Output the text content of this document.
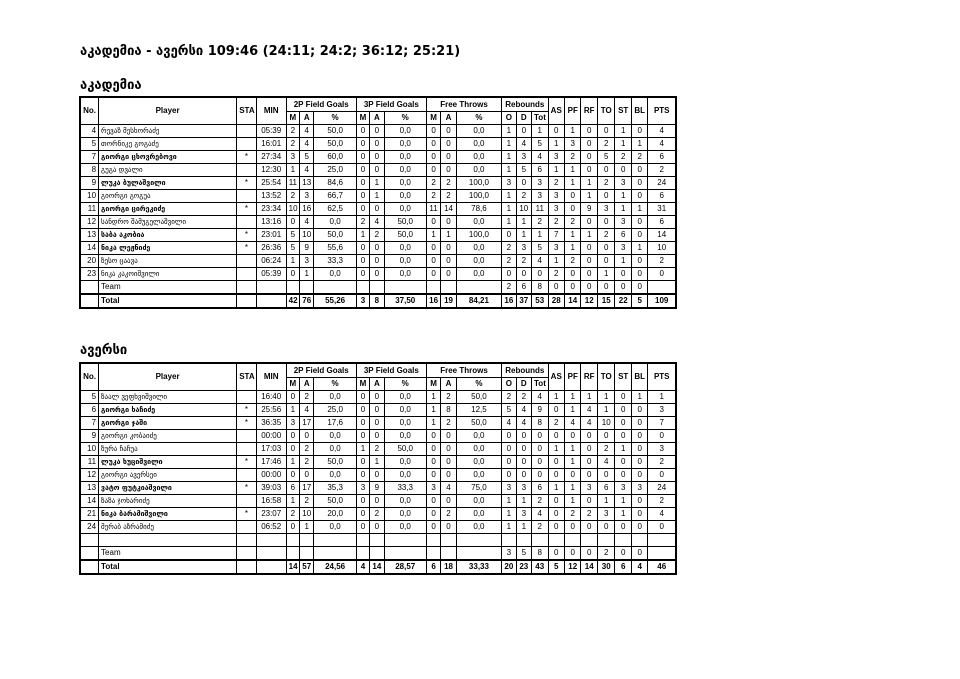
აკადემია - ავერსი 109:46 (24:11; 24:2; 36:12; 25:21)
აკადემია
No.	Player	STA	MIN	2P Field Goals			3P Field Goals			Free Throws			Rebounds			AS	PF	RF	TO	ST	BL	PTS
				M	A	%	M	A	%	M	A	%	O	D	Tot							
4	რევაზ მესხორაძე		05:39	2	4	50,0	0	0	0,0	0	0	0,0	1	0	1	0	1	0	0	1	0	4
5	თორნიკე გოგაძე		16:01	2	4	50,0	0	0	0,0	0	0	0,0	1	4	5	1	3	0	2	1	1	4
7	გიორგი ცხოვრებოვი	*	27:34	3	5	60,0	0	0	0,0	0	0	0,0	1	3	4	3	2	0	5	2	2	6
8	გუგა დვალი		12:30	1	4	25,0	0	0	0,0	0	0	0,0	1	5	6	1	1	0	0	0	0	2
9	ლუკა ბულაშვილი	*	25:54	11	13	84,6	0	1	0,0	2	2	100,0	3	0	3	2	1	1	2	3	0	24
10	გიორგი გოგუა		13:52	2	3	66,7	0	1	0,0	2	2	100,0	1	2	3	3	0	1	0	1	0	6
11	გიორგი ცირეკიძე	*	23:34	10	16	62,5	0	0	0,0	11	14	78,6	1	10	11	3	0	9	3	1	1	31
12	სანდრო შამუგელაშვილი		13:16	0	4	0,0	2	4	50,0	0	0	0,0	1	1	2	2	2	0	0	3	0	6
13	საბა აკობია	*	23:01	5	10	50,0	1	2	50,0	1	1	100,0	0	1	1	7	1	1	2	6	0	14
14	ნიკა ლეჟნიძე	*	26:36	5	9	55,6	0	0	0,0	0	0	0,0	2	3	5	3	1	0	0	3	1	10
20	ზესო ცაავა		06:24	1	3	33,3	0	0	0,0	0	0	0,0	2	2	4	1	2	0	0	1	0	2
23	ნიკა კაკოიშვილი		05:39	0	1	0,0	0	0	0,0	0	0	0,0	0	0	0	2	0	0	1	0	0	0
	Team												2	6	8	0	0	0	0	0	0	
	Total			42	76	55,26	3	8	37,50	16	19	84,21	16	37	53	28	14	12	15	22	5	109
ავერსი
No.	Player	STA	MIN	2P Field Goals			3P Field Goals			Free Throws			Rebounds			AS	PF	RF	TO	ST	BL	PTS
				M	A	%	M	A	%	M	A	%	O	D	Tot							
5	ზაალ ვეფხვიშვილი		16:40	0	2	0,0	0	0	0,0	1	2	50,0	2	2	4	1	1	1	1	0	1	1
6	გიორგი ხაჩიძე	*	25:56	1	4	25,0	0	0	0,0	1	8	12,5	5	4	9	0	1	4	1	0	0	3
7	გიორგი ჯაში	*	36:35	3	17	17,6	0	0	0,0	1	2	50,0	4	4	8	2	4	4	10	0	0	7
9	გიორგი კობაიძე		00:00	0	0	0,0	0	0	0,0	0	0	0,0	0	0	0	0	0	0	0	0	0	0
10	ზურა ჩაჩუა		17:03	0	2	0,0	1	2	50,0	0	0	0,0	0	0	0	1	1	0	2	1	0	3
11	ლუკა ხუციშვილი	*	17:46	1	2	50,0	0	1	0,0	0	0	0,0	0	0	0	0	1	0	4	0	0	2
12	გიორგი ავერსეი		00:00	0	0	0,0	0	0	0,0	0	0	0,0	0	0	0	0	0	0	0	0	0	0
13	ვატო ფუტკიაშვილი	*	39:03	6	17	35,3	3	9	33,3	3	4	75,0	3	3	6	1	1	3	6	3	3	24
14	ზაზა ჯოხარიძე		16:58	1	2	50,0	0	0	0,0	0	0	0,0	1	1	2	0	1	0	1	1	0	2
21	ნიკა ბარამიშვილი	*	23:07	2	10	20,0	0	2	0,0	0	2	0,0	1	3	4	0	2	2	3	1	0	4
24	მერაბ აზრამიძე		06:52	0	1	0,0	0	0	0,0	0	0	0,0	1	1	2	0	0	0	0	0	0	0

	Team												3	5	8	0	0	0	2	0	0	
	Total			14	57	24,56	4	14	28,57	6	18	33,33	20	23	43	5	12	14	30	6	4	46
